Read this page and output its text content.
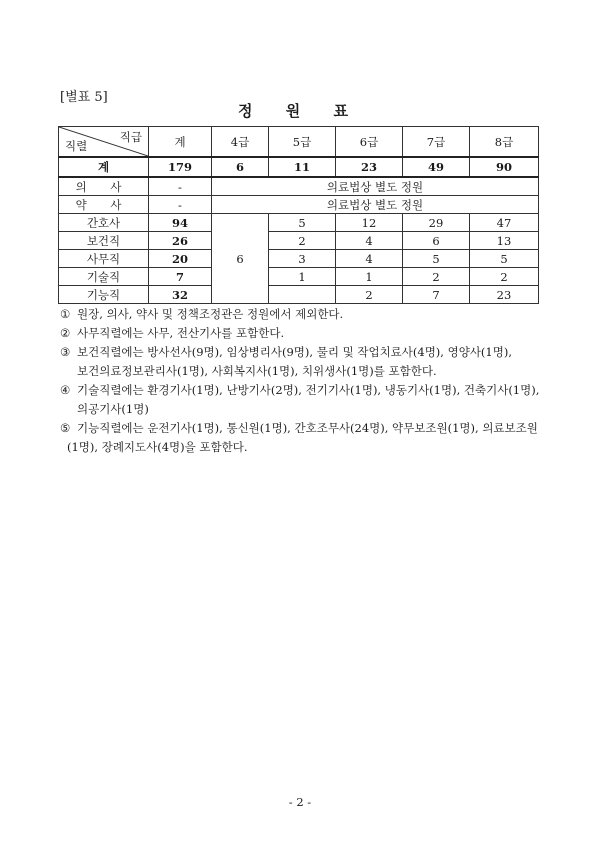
[별표 5]
정 원 표
직급
직렬	계	4급	5급	6급	7급	8급
계	179	6	11	23	49	90
의 사	-	의료법상 별도 정원				
약 사	-	의료법상 별도 정원				
간호사	94	6	5	12	29	47
보건직	26		2	4	6	13
사무직	20		3	4	5	5
기술직	7		1	1	2	2
기능직	32			2	7	23
① 원장, 의사, 약사 및 정책조정관은 정원에서 제외한다.
② 사무직렬에는 사무, 전산기사를 포함한다.
③ 보건직렬에는 방사선사(9명), 임상병리사(9명), 물리 및 작업치료사(4명), 영양사(1명),
보건의료정보관리사(1명), 사회복지사(1명), 치위생사(1명)를 포함한다.
④ 기술직렬에는 환경기사(1명), 난방기사(2명), 전기기사(1명), 냉동기사(1명), 건축기사(1명),
의공기사(1명)
⑤ 기능직렬에는 운전기사(1명), 통신원(1명), 간호조무사(24명), 약무보조원(1명), 의료보조원
(1명), 장례지도사(4명)을 포함한다.
- 2 -
